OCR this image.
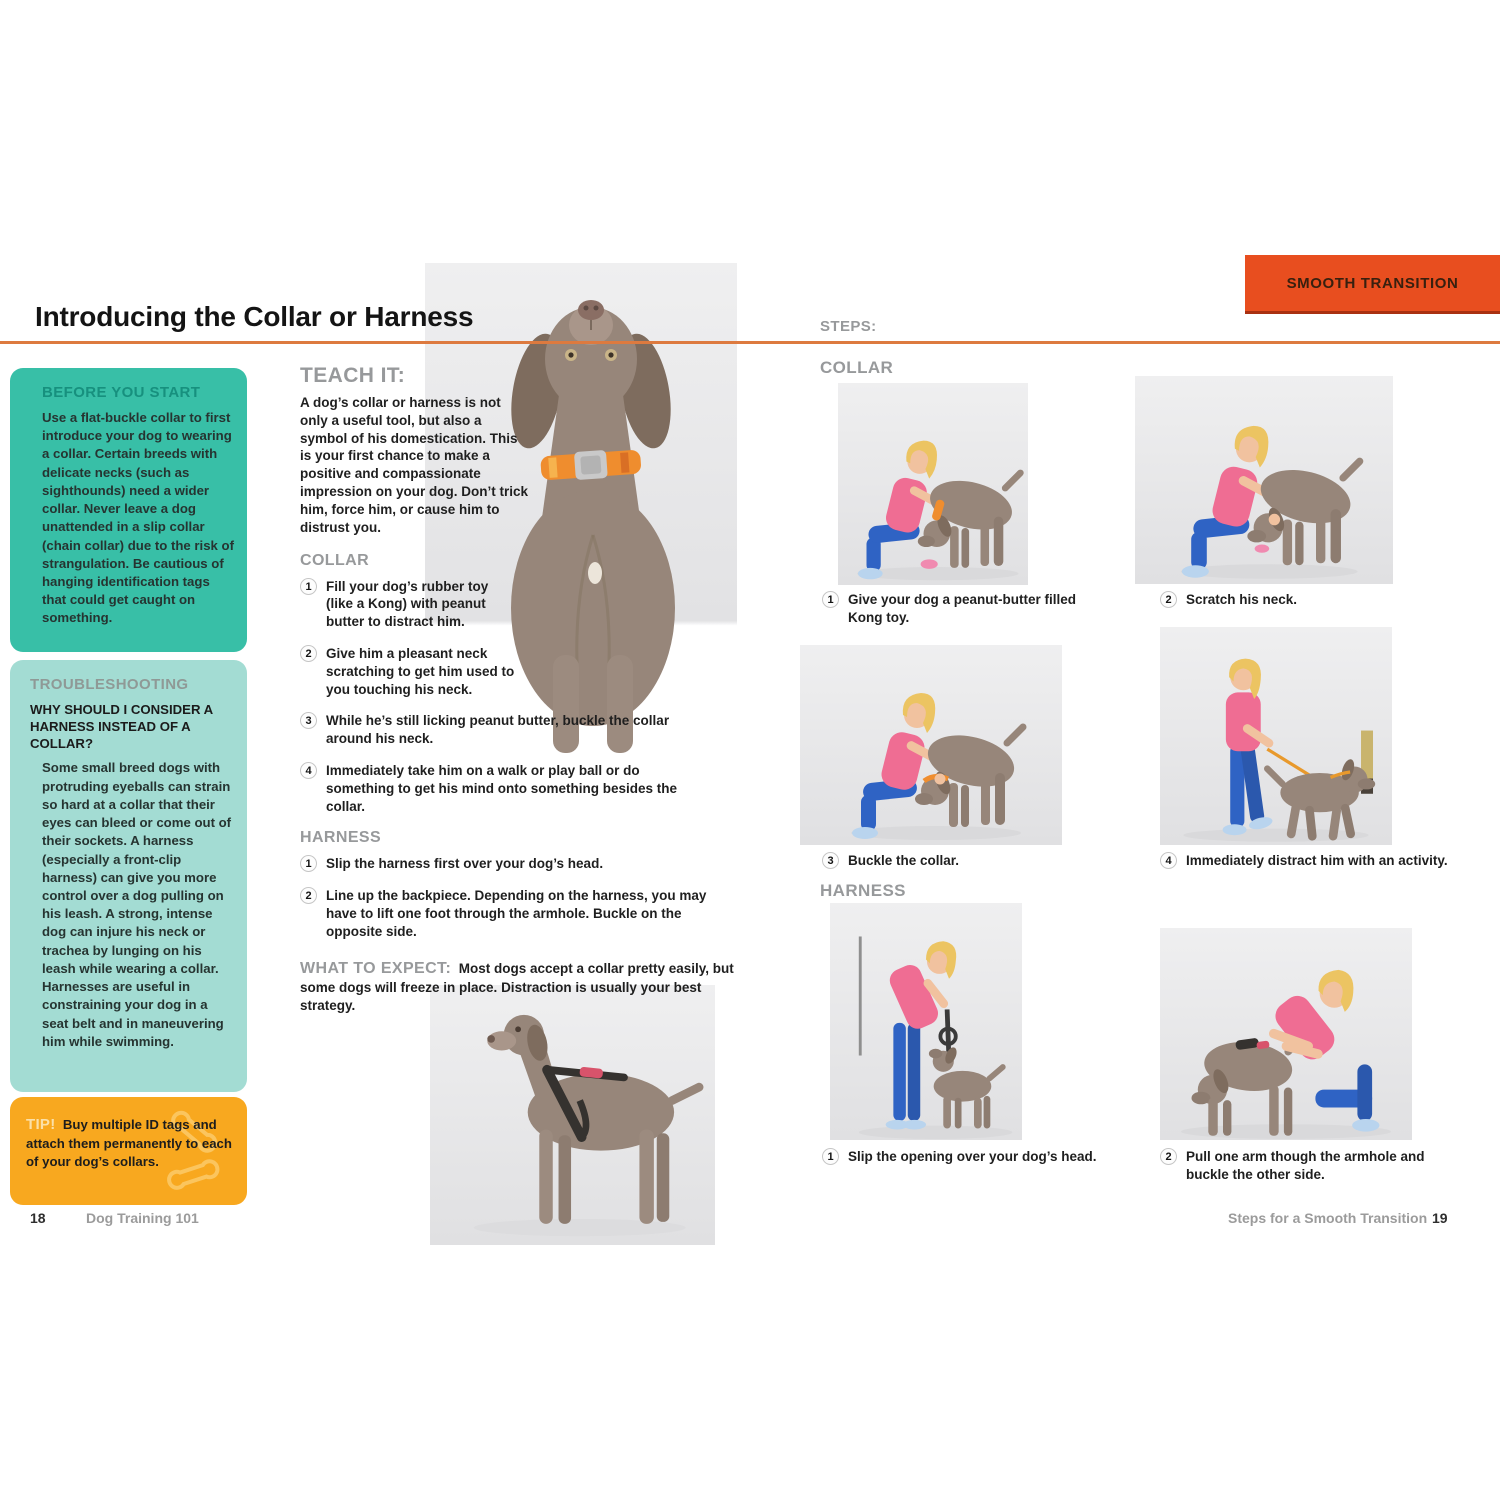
Introducing the Collar or Harness
BEFORE YOU START

Use a flat-buckle collar to first introduce your dog to wearing a collar. Certain breeds with delicate necks (such as sighthounds) need a wider collar. Never leave a dog unattended in a slip collar (chain collar) due to the risk of strangulation. Be cautious of hanging identification tags that could get caught on something.

TROUBLESHOOTING

WHY SHOULD I CONSIDER A HARNESS INSTEAD OF A COLLAR?

Some small breed dogs with protruding eyeballs can strain so hard at a collar that their eyes can bleed or come out of their sockets. A harness (especially a front-clip harness) can give you more control over a dog pulling on his leash. A strong, intense dog can injure his neck or trachea by lunging on his leash while wearing a collar. Harnesses are useful in constraining your dog in a seat belt and in maneuvering him while swimming.

TIP! Buy multiple ID tags and attach them permanently to each of your dog’s collars.

TEACH IT:

A dog’s collar or harness is not only a useful tool, but also a symbol of his domestication. This is your first chance to make a positive and compassionate impression on your dog. Don’t trick him, force him, or cause him to distrust you.

COLLAR
1	Fill your dog’s rubber toy (like a Kong) with peanut butter to distract him.
2	Give him a pleasant neck scratching to get him used to you touching his neck.
3	While he’s still licking peanut butter, buckle the collar around his neck.
4	Immediately take him on a walk or play ball or do something to get his mind onto something besides the collar.
HARNESS
1	Slip the harness first over your dog’s head.
2	Line up the backpiece. Depending on the harness, you may have to lift one foot through the armhole. Buckle on the opposite side.

WHAT TO EXPECT: Most dogs accept a collar pretty easily, but some dogs will freeze in place. Distraction is usually your best strategy.

18	Dog Training 101
SMOOTH TRANSITION
STEPS:
COLLAR
HARNESS
1	Give your dog a peanut-butter filled Kong toy.
2	Scratch his neck.
3	Buckle the collar.	4	Immediately distract him with an activity.
1	Slip the opening over your dog’s head.	2	Pull one arm though the armhole and buckle the other side.
Steps for a Smooth Transition 19
